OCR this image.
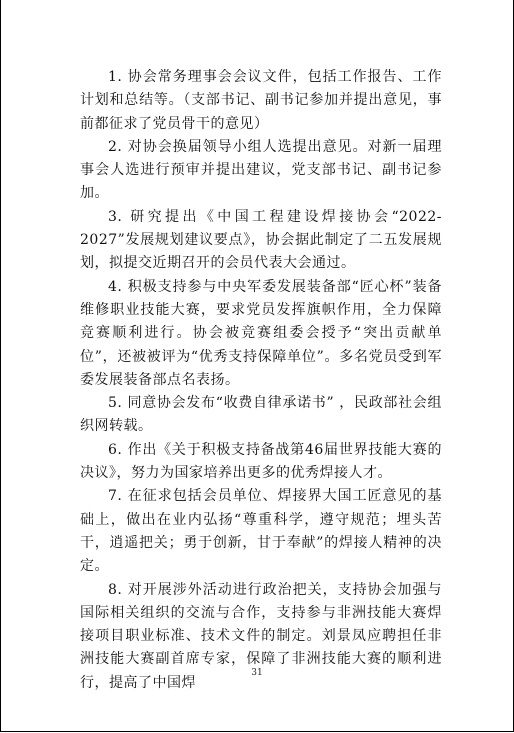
1. 协会常务理事会会议文件，包括工作报告、工作计划和总结等。（支部书记、副书记参加并提出意见，事前都征求了党员骨干的意见）

2. 对协会换届领导小组人选提出意见。对新一届理事会人选进行预审并提出建议，党支部书记、副书记参加。

3. 研究提出《中国工程建设焊接协会“2022-2027”发展规划建议要点》，协会据此制定了二五发展规划，拟提交近期召开的会员代表大会通过。

4. 积极支持参与中央军委发展装备部“匠心杯”装备维修职业技能大赛，要求党员发挥旗帜作用，全力保障竞赛顺利进行。协会被竞赛组委会授予“突出贡献单位”，还被被评为“优秀支持保障单位”。多名党员受到军委发展装备部点名表扬。

5. 同意协会发布“收费自律承诺书” ，民政部社会组织网转载。

6. 作出《关于积极支持备战第46届世界技能大赛的决议》，努力为国家培养出更多的优秀焊接人才。

7. 在征求包括会员单位、焊接界大国工匠意见的基础上，做出在业内弘扬“尊重科学，遵守规范；埋头苦干，逍遥把关；勇于创新，甘于奉献”的焊接人精神的决定。

8. 对开展涉外活动进行政治把关，支持协会加强与国际相关组织的交流与合作，支持参与非洲技能大赛焊接项目职业标准、技术文件的制定。刘景凤应聘担任非洲技能大赛副首席专家，保障了非洲技能大赛的顺利进行，提高了中国焊

31
